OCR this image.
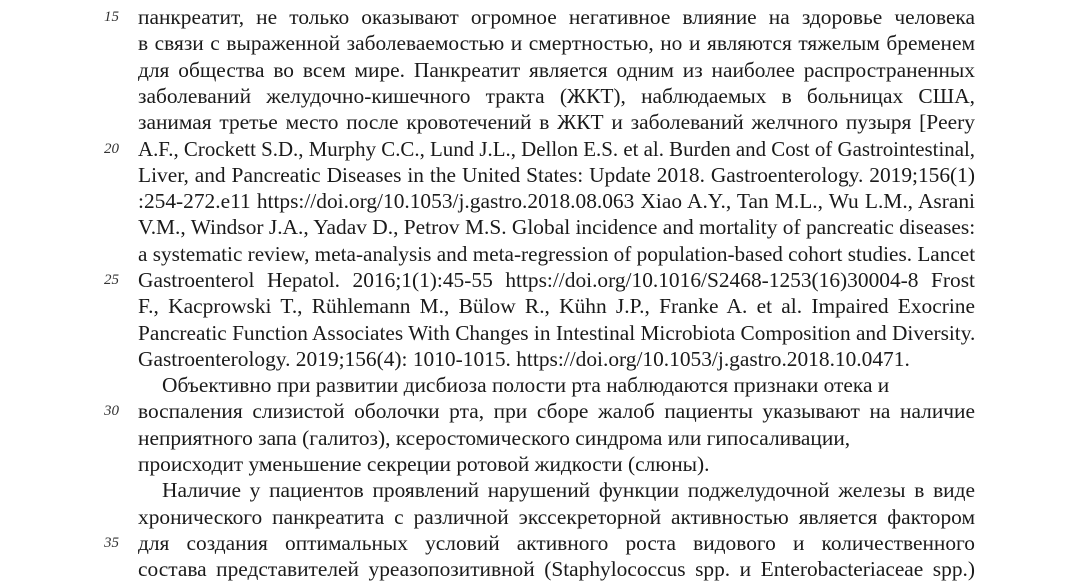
15
20
25
30
35

панкреатит, не только оказывают огромное негативное влияние на здоровье человека

в связи с выраженной заболеваемостью и смертностью, но и являются тяжелым бременем

для общества во всем мире. Панкреатит является одним из наиболее распространенных

заболеваний желудочно-кишечного тракта (ЖКТ), наблюдаемых в больницах США,

занимая третье место после кровотечений в ЖКТ и заболеваний желчного пузыря [Peery

A.F., Crockett S.D., Murphy C.C., Lund J.L., Dellon E.S. et al. Burden and Cost of Gastrointestinal,

Liver, and Pancreatic Diseases in the United States: Update 2018. Gastroenterology. 2019;156(1)

:254-272.e11 https://doi.org/10.1053/j.gastro.2018.08.063 Xiao A.Y., Tan M.L., Wu L.M., Asrani

V.M., Windsor J.A., Yadav D., Petrov M.S. Global incidence and mortality of pancreatic diseases:

a systematic review, meta-analysis and meta-regression of population-based cohort studies. Lancet

Gastroenterol Hepatol. 2016;1(1):45-55 https://doi.org/10.1016/S2468-1253(16)30004-8 Frost

F., Kacprowski T., Rühlemann M., Bülow R., Kühn J.P., Franke A. et al. Impaired Exocrine

Pancreatic Function Associates With Changes in Intestinal Microbiota Composition and Diversity.

Gastroenterology. 2019;156(4): 1010-1015. https://doi.org/10.1053/j.gastro.2018.10.0471.

Объективно при развитии дисбиоза полости рта наблюдаются признаки отека и

воспаления слизистой оболочки рта, при сборе жалоб пациенты указывают на наличие

неприятного запа (галитоз), ксеростомического синдрома или гипосаливации,

происходит уменьшение секреции ротовой жидкости (слюны).

Наличие у пациентов проявлений нарушений функции поджелудочной железы в виде

хронического панкреатита с различной экссекреторной активностью является фактором

для создания оптимальных условий активного роста видового и количественного

состава представителей уреазопозитивной (Staphylococcus spp. и Enterobacteriaceae spp.)
